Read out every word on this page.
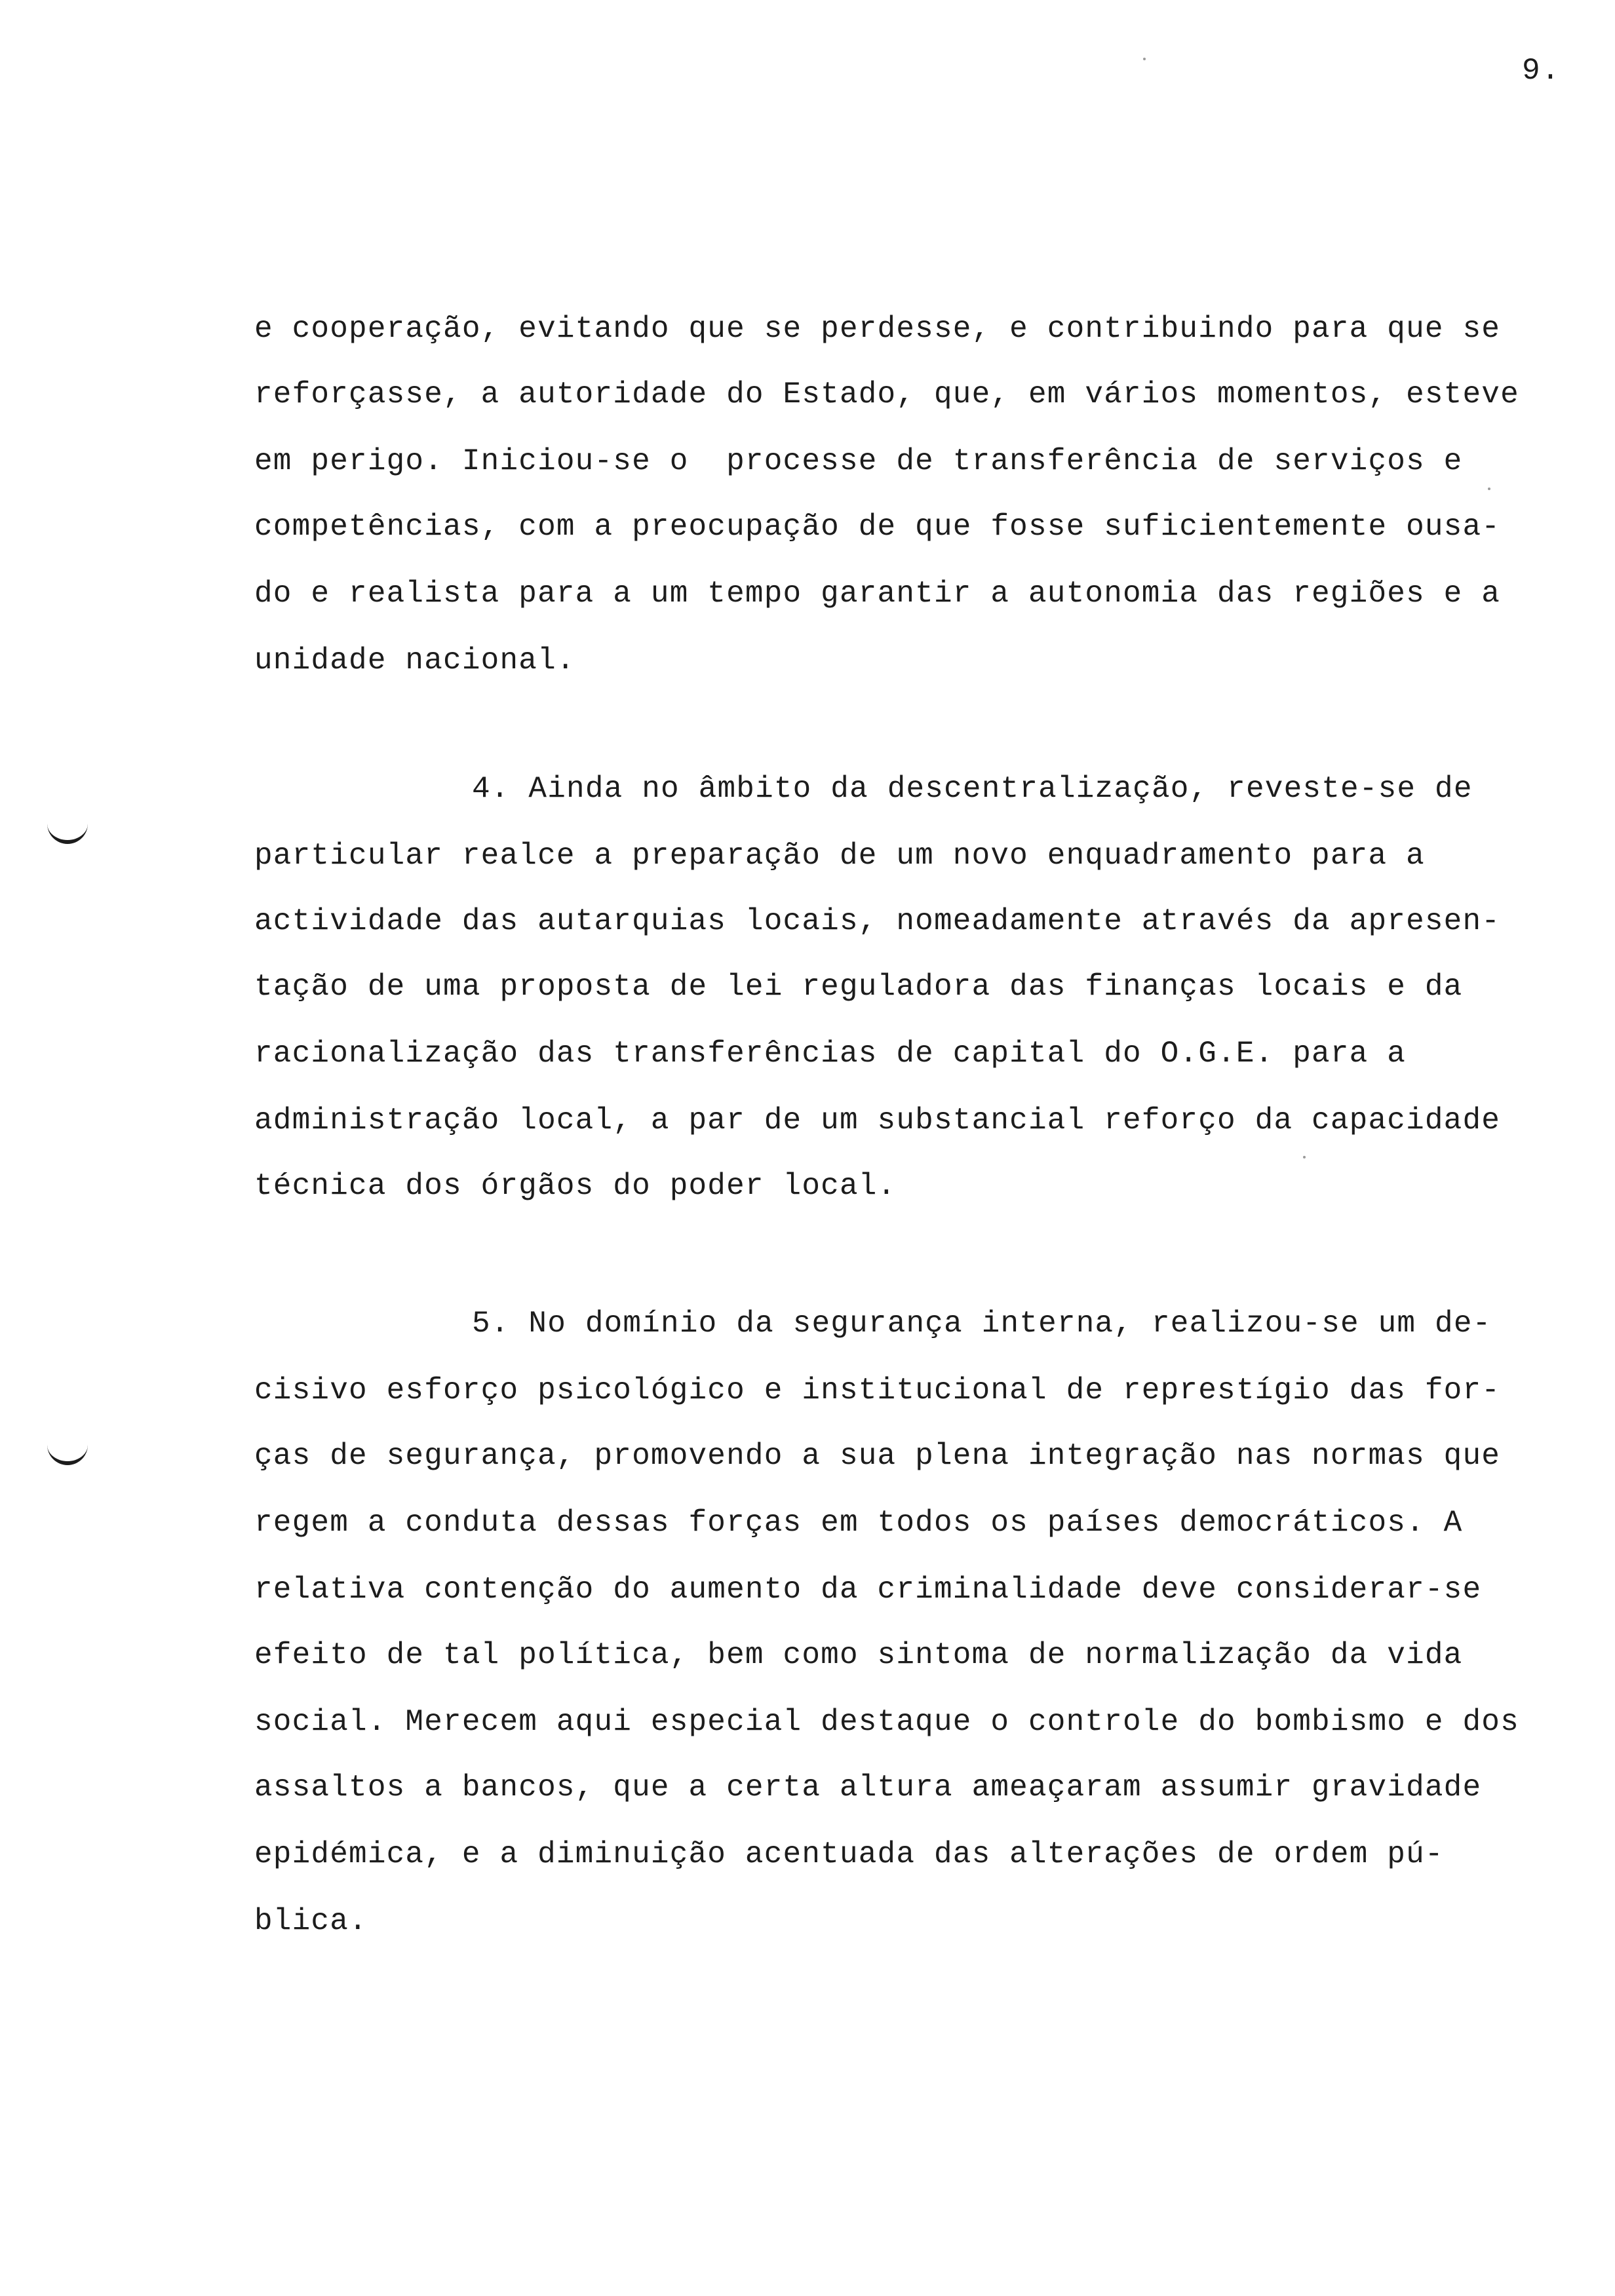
9.
e cooperação, evitando que se perdesse, e contribuindo para que se
reforçasse, a autoridade do Estado, que, em vários momentos, esteve
em perigo. Iniciou-se o  processe de transferência de serviços e
competências, com a preocupação de que fosse suficientemente ousa-
do e realista para a um tempo garantir a autonomia das regiões e a
unidade nacional.
4. Ainda no âmbito da descentralização, reveste-se de
particular realce a preparação de um novo enquadramento para a
actividade das autarquias locais, nomeadamente através da apresen-
tação de uma proposta de lei reguladora das finanças locais e da
racionalização das transferências de capital do O.G.E. para a
administração local, a par de um substancial reforço da capacidade
técnica dos órgãos do poder local.
5. No domínio da segurança interna, realizou-se um de-
cisivo esforço psicológico e institucional de represtígio das for-
ças de segurança, promovendo a sua plena integração nas normas que
regem a conduta dessas forças em todos os países democráticos. A
relativa contenção do aumento da criminalidade deve considerar-se
efeito de tal política, bem como sintoma de normalização da vida
social. Merecem aqui especial destaque o controle do bombismo e dos
assaltos a bancos, que a certa altura ameaçaram assumir gravidade
epidémica, e a diminuição acentuada das alterações de ordem pú-
blica.
